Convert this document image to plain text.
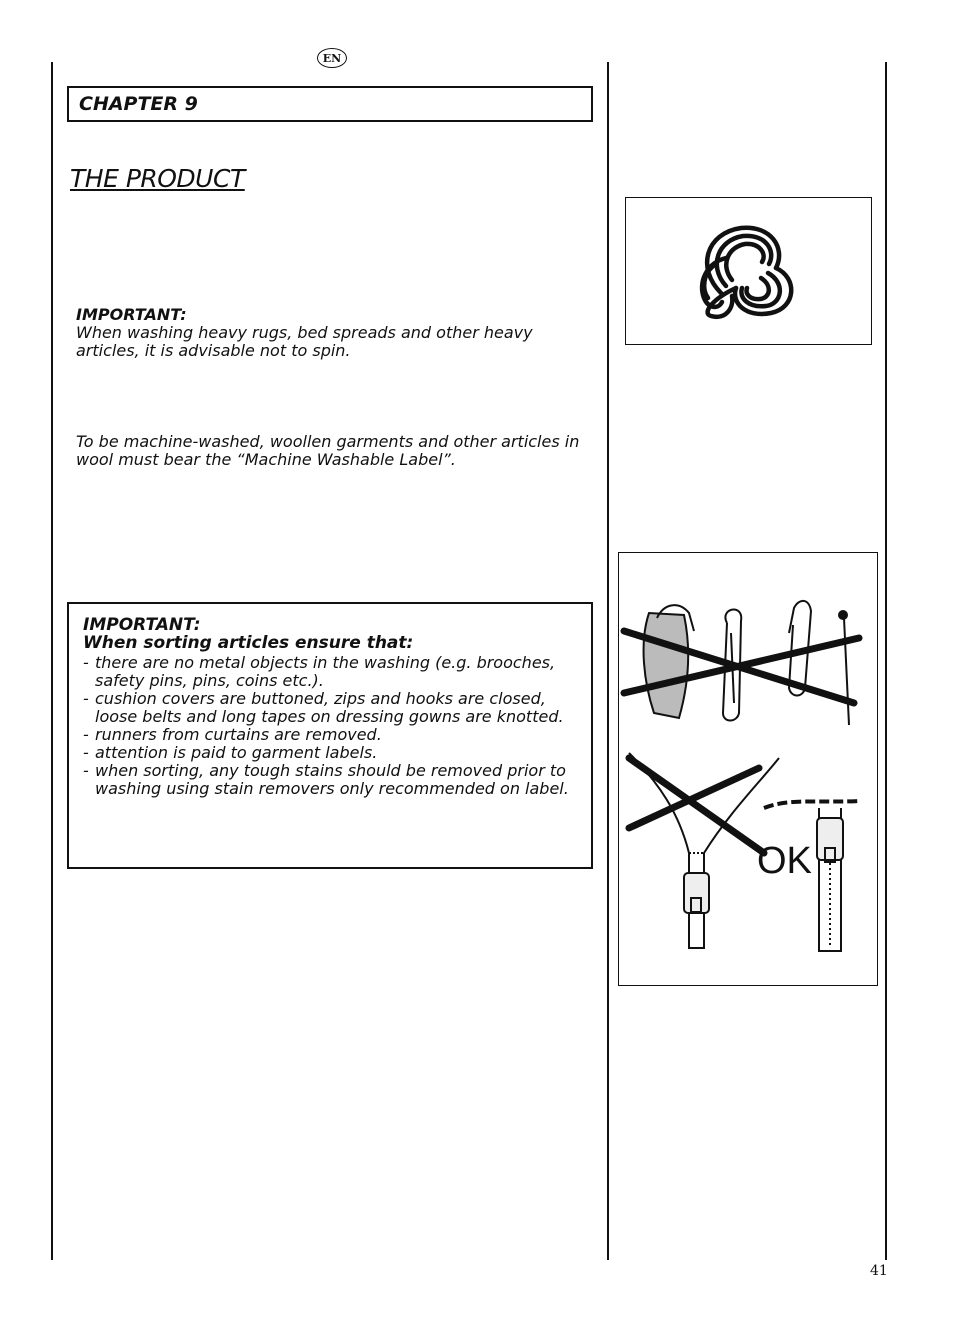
EN
CHAPTER 9
THE PRODUCT
IMPORTANT:
When washing heavy rugs, bed spreads and other heavy articles, it is advisable not to spin.
To be machine-washed, woollen garments and other articles in wool must bear the “Machine Washable Label”.
IMPORTANT:
When sorting articles ensure that:
- there are no metal objects in the washing (e.g. brooches, safety pins, pins, coins etc.).
- cushion covers are buttoned, zips and hooks are closed, loose belts and long tapes on dressing gowns are knotted.
- runners from curtains are removed.
- attention is paid to garment labels.
- when sorting, any tough stains should be removed prior to washing using stain removers only recommended on label.
OK
41
